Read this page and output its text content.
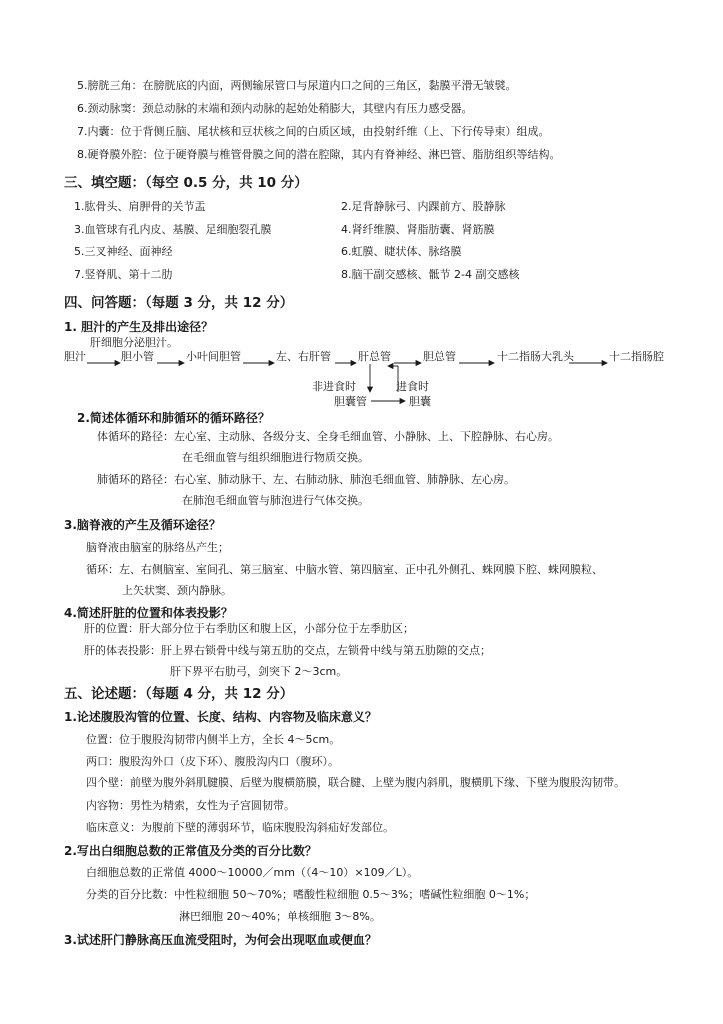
5.膀胱三角：在膀胱底的内面，两侧输尿管口与尿道内口之间的三角区，黏膜平滑无皱襞。
6.颈动脉窦：颈总动脉的末端和颈内动脉的起始处稍膨大，其壁内有压力感受器。
7.内囊：位于背侧丘脑、尾状核和豆状核之间的白质区域，由投射纤维（上、下行传导束）组成。
8.硬脊膜外腔：位于硬脊膜与椎管骨膜之间的潜在腔隙，其内有脊神经、淋巴管、脂肪组织等结构。
三、填空题：（每空 0.5 分，共 10 分）
1.肱骨头、肩胛骨的关节盂	2.足背静脉弓、内踝前方、股静脉
3.血管球有孔内皮、基膜、足细胞裂孔膜	4.肾纤维膜、肾脂肪囊、肾筋膜
5.三叉神经、面神经	6.虹膜、睫状体、脉络膜
7.竖脊肌、第十二肋	8.脑干副交感核、骶节 2-4 副交感核
四、问答题：（每题 3 分，共 12 分）
1. 胆汁的产生及排出途径？
肝细胞分泌胆汁。
胆汁	胆小管	小叶间胆管	左、右肝管 肝总管	胆总管	十二指肠大乳头	十二指肠腔
非进食时	进食时
胆囊管	胆囊
2.简述体循环和肺循环的循环路径？
体循环的路径：左心室、主动脉、各级分支、全身毛细血管、小静脉、上、下腔静脉、右心房。
在毛细血管与组织细胞进行物质交换。
肺循环的路径：右心室、肺动脉干、左、右肺动脉、肺泡毛细血管、肺静脉、左心房。
在肺泡毛细血管与肺泡进行气体交换。
3.脑脊液的产生及循环途径？
脑脊液由脑室的脉络丛产生；
循环：左、右侧脑室、室间孔、第三脑室、中脑水管、第四脑室、正中孔外侧孔、蛛网膜下腔、蛛网膜粒、
上矢状窦、颈内静脉。
4.简述肝脏的位置和体表投影？
肝的位置：肝大部分位于右季肋区和腹上区，小部分位于左季肋区；
肝的体表投影：肝上界右锁骨中线与第五肋的交点，左锁骨中线与第五肋隙的交点；
肝下界平右肋弓，剑突下 2～3cm。
五、论述题：（每题 4 分，共 12 分）
1.论述腹股沟管的位置、长度、结构、内容物及临床意义？
位置：位于腹股沟韧带内侧半上方，全长 4～5cm。
两口：腹股沟外口（皮下环）、腹股沟内口（腹环）。
四个壁：前壁为腹外斜肌腱膜、后壁为腹横筋膜，联合腱、上壁为腹内斜肌，腹横肌下缘、下壁为腹股沟韧带。
内容物：男性为精索，女性为子宫圆韧带。
临床意义：为腹前下壁的薄弱环节，临床腹股沟斜疝好发部位。
2.写出白细胞总数的正常值及分类的百分比数？
白细胞总数的正常值 4000～10000／mm（（4～10）×109／L）。
分类的百分比数：中性粒细胞 50～70%；嗜酸性粒细胞 0.5～3%；嗜碱性粒细胞 0～1%；
淋巴细胞 20～40%；单核细胞 3～8%。
3.试述肝门静脉高压血流受阻时，为何会出现呕血或便血？
